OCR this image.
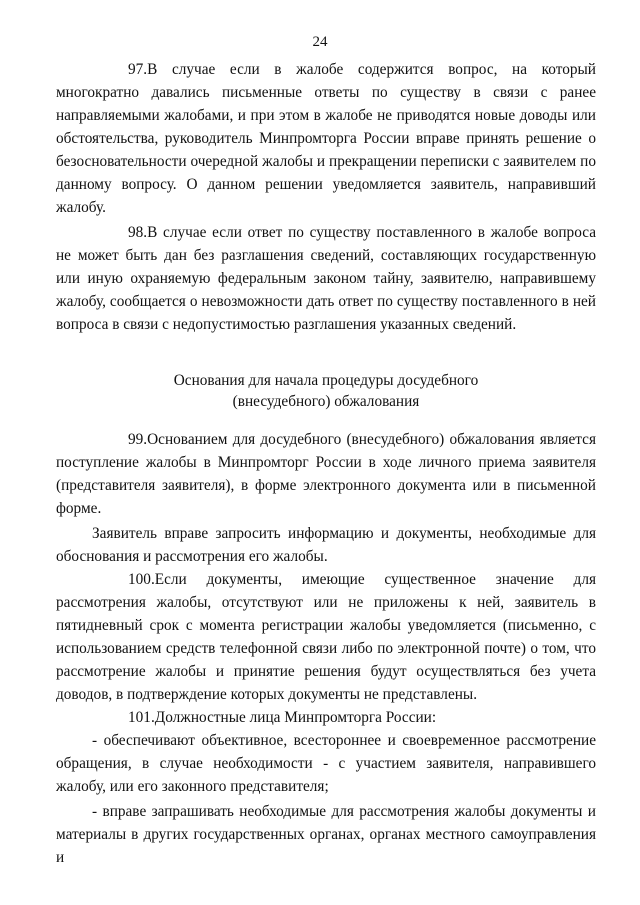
24

97.В случае если в жалобе содержится вопрос, на который многократно давались письменные ответы по существу в связи с ранее направляемыми жалобами, и при этом в жалобе не приводятся новые доводы или обстоятельства, руководитель Минпромторга России вправе принять решение о безосновательности очередной жалобы и прекращении переписки с заявителем по данному вопросу. О данном решении уведомляется заявитель, направивший жалобу.

98.В случае если ответ по существу поставленного в жалобе вопроса не может быть дан без разглашения сведений, составляющих государственную или иную охраняемую федеральным законом тайну, заявителю, направившему жалобу, сообщается о невозможности дать ответ по существу поставленного в ней вопроса в связи с недопустимостью разглашения указанных сведений.

Основания для начала процедуры досудебного
(внесудебного) обжалования

99.Основанием для досудебного (внесудебного) обжалования является поступление жалобы в Минпромторг России в ходе личного приема заявителя (представителя заявителя), в форме электронного документа или в письменной форме.

Заявитель вправе запросить информацию и документы, необходимые для обоснования и рассмотрения его жалобы.

100.Если документы, имеющие существенное значение для рассмотрения жалобы, отсутствуют или не приложены к ней, заявитель в пятидневный срок с момента регистрации жалобы уведомляется (письменно, с использованием средств телефонной связи либо по электронной почте) о том, что рассмотрение жалобы и принятие решения будут осуществляться без учета доводов, в подтверждение которых документы не представлены.

101.Должностные лица Минпромторга России:

- обеспечивают объективное, всестороннее и своевременное рассмотрение обращения, в случае необходимости - с участием заявителя, направившего жалобу, или его законного представителя;

- вправе запрашивать необходимые для рассмотрения жалобы документы и материалы в других государственных органах, органах местного самоуправления и
